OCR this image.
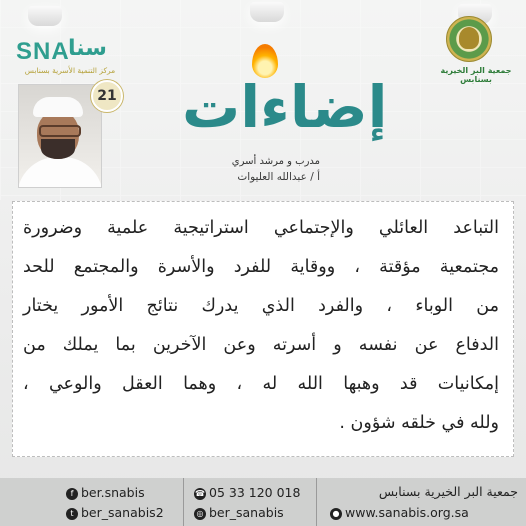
SNA
سنا
مركز التنمية الأسرية بسنابس	جمعية البر الخيرية بسنابس
إضاءات
21
مدرب و مرشد أسري
أ / عبدالله العليوات
التباعد العائلي والإجتماعي استراتيجية علمية وضرورة
مجتمعية مؤقتة ، ووقاية للفرد والأسرة والمجتمع للحد
من الوباء ، والفرد الذي يدرك نتائج الأمور يختار
الدفاع عن نفسه و أسرته وعن الآخرين بما يملك من
إمكانيات قد وهبها الله له ، وهما العقل والوعي ،
ولله في خلقه شؤون .
f ber.snabis
t ber_sanabis2
☎ 05 33 120 018
◎ ber_sanabis
جمعية البر الخيرية بسنابس
● www.sanabis.org.sa
